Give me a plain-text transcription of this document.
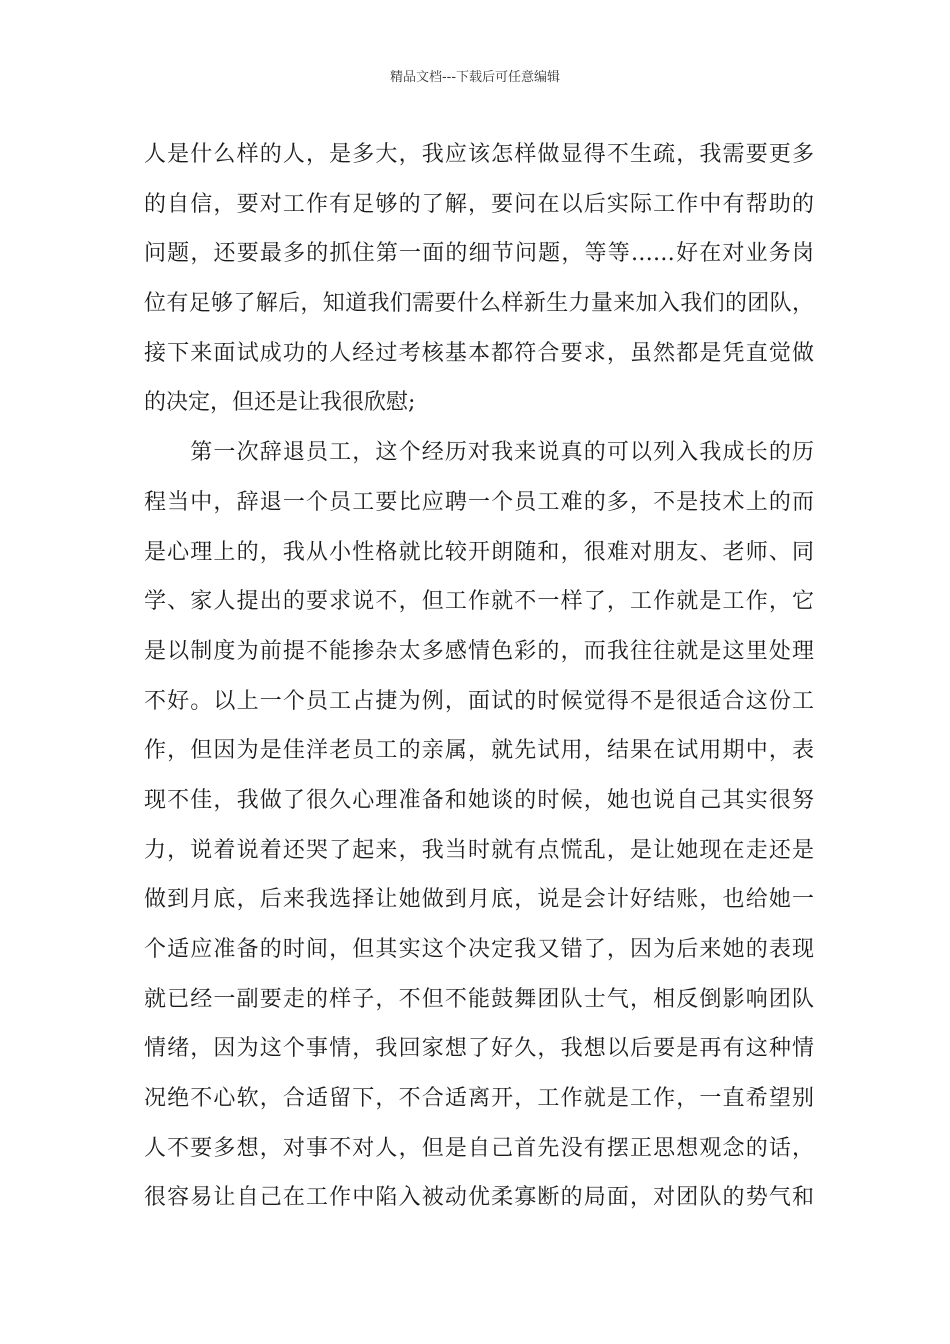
精品文档---下载后可任意编辑
人是什么样的人，是多大，我应该怎样做显得不生疏，我需要更多
的自信，要对工作有足够的了解，要问在以后实际工作中有帮助的
问题，还要最多的抓住第一面的细节问题，等等……好在对业务岗
位有足够了解后，知道我们需要什么样新生力量来加入我们的团队，
接下来面试成功的人经过考核基本都符合要求，虽然都是凭直觉做
的决定，但还是让我很欣慰;
　　第一次辞退员工，这个经历对我来说真的可以列入我成长的历
程当中，辞退一个员工要比应聘一个员工难的多，不是技术上的而
是心理上的，我从小性格就比较开朗随和，很难对朋友、老师、同
学、家人提出的要求说不，但工作就不一样了，工作就是工作，它
是以制度为前提不能掺杂太多感情色彩的，而我往往就是这里处理
不好。以上一个员工占捷为例，面试的时候觉得不是很适合这份工
作，但因为是佳洋老员工的亲属，就先试用，结果在试用期中，表
现不佳，我做了很久心理准备和她谈的时候，她也说自己其实很努
力，说着说着还哭了起来，我当时就有点慌乱，是让她现在走还是
做到月底，后来我选择让她做到月底，说是会计好结账，也给她一
个适应准备的时间，但其实这个决定我又错了，因为后来她的表现
就已经一副要走的样子，不但不能鼓舞团队士气，相反倒影响团队
情绪，因为这个事情，我回家想了好久，我想以后要是再有这种情
况绝不心软，合适留下，不合适离开，工作就是工作，一直希望别
人不要多想，对事不对人，但是自己首先没有摆正思想观念的话，
很容易让自己在工作中陷入被动优柔寡断的局面，对团队的势气和
